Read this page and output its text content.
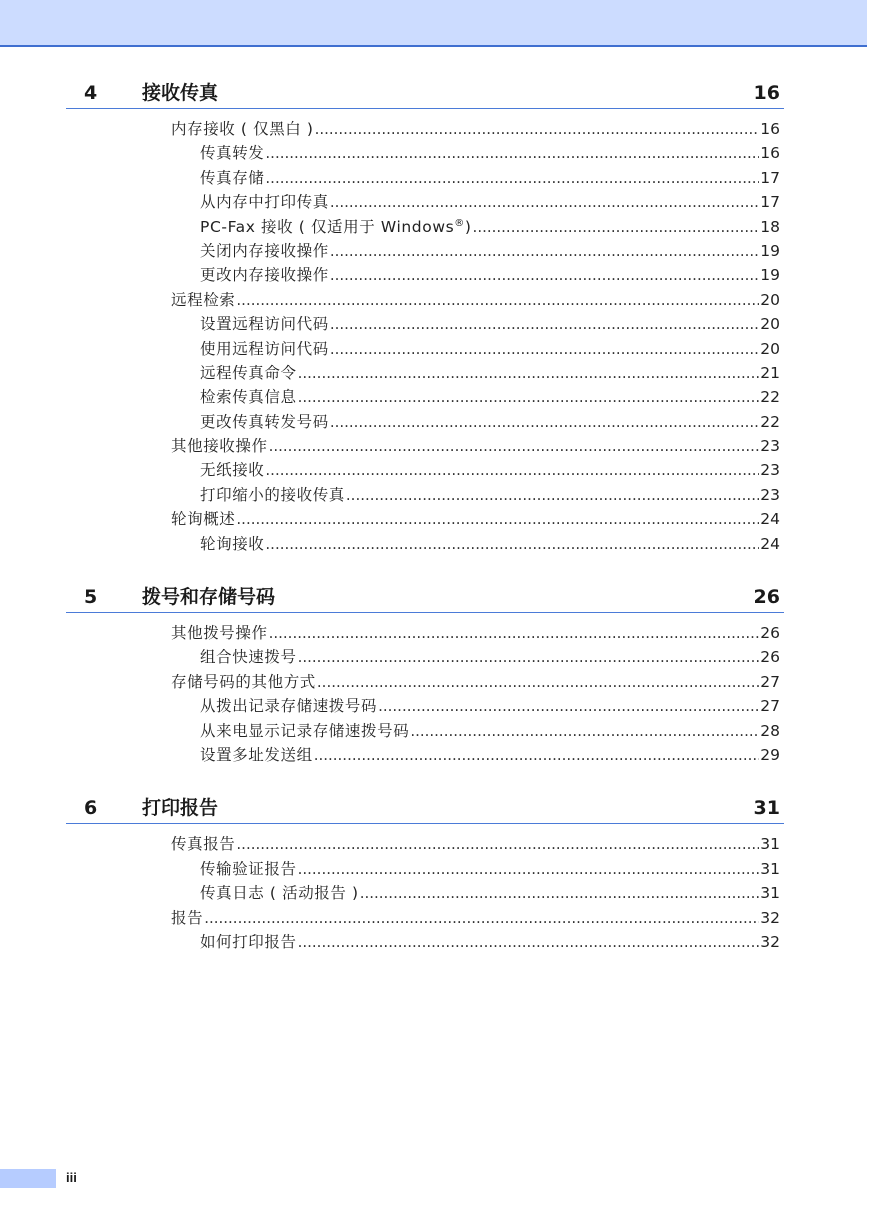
4	接收传真	16
内存接收 ( 仅黑白 ) .....	16
传真转发 .....	16
传真存储 .....	17
从内存中打印传真 .....	17
PC-Fax 接收 ( 仅适用于 Windows®) .....	18
关闭内存接收操作 .....	19
更改内存接收操作 .....	19
远程检索 .....	20
设置远程访问代码 .....	20
使用远程访问代码 .....	20
远程传真命令 .....	21
检索传真信息 .....	22
更改传真转发号码 .....	22
其他接收操作 .....	23
无纸接收 .....	23
打印缩小的接收传真 .....	23
轮询概述 .....	24
轮询接收 .....	24
5	拨号和存储号码	26
其他拨号操作 .....	26
组合快速拨号 .....	26
存储号码的其他方式 .....	27
从拨出记录存储速拨号码 .....	27
从来电显示记录存储速拨号码 .....	28
设置多址发送组 .....	29
6	打印报告	31
传真报告 .....	31
传输验证报告 .....	31
传真日志 ( 活动报告 ) .....	31
报告 .....	32
如何打印报告 .....	32
iii
